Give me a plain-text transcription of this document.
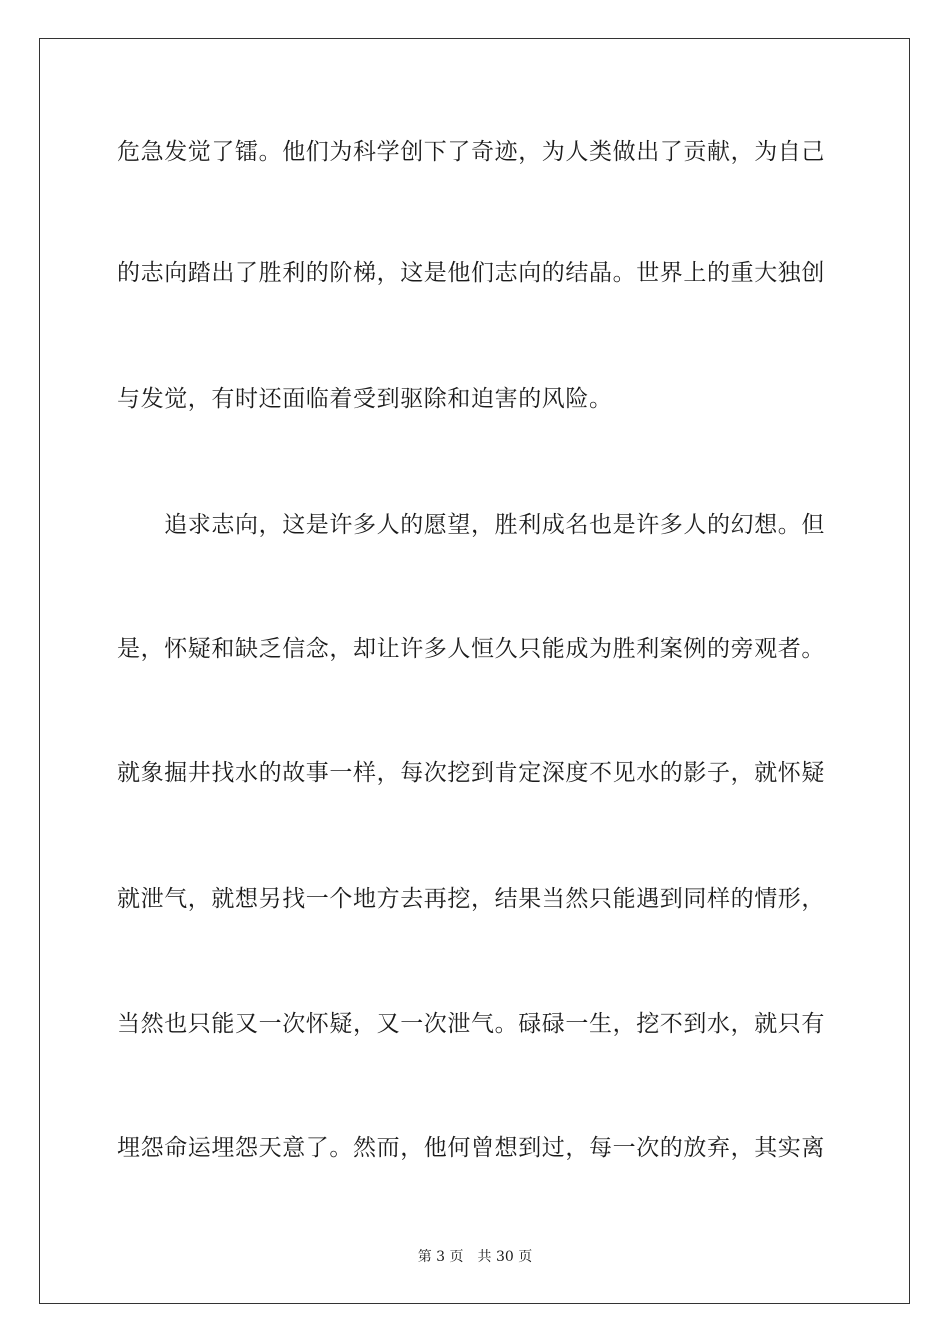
危急发觉了镭。他们为科学创下了奇迹，为人类做出了贡献，为自己
的志向踏出了胜利的阶梯，这是他们志向的结晶。世界上的重大独创
与发觉，有时还面临着受到驱除和迫害的风险。
　　追求志向，这是许多人的愿望，胜利成名也是许多人的幻想。但
是，怀疑和缺乏信念，却让许多人恒久只能成为胜利案例的旁观者。
就象掘井找水的故事一样，每次挖到肯定深度不见水的影子，就怀疑
就泄气，就想另找一个地方去再挖，结果当然只能遇到同样的情形，
当然也只能又一次怀疑，又一次泄气。碌碌一生，挖不到水，就只有
埋怨命运埋怨天意了。然而，他何曾想到过，每一次的放弃，其实离
第 3 页 共 30 页
